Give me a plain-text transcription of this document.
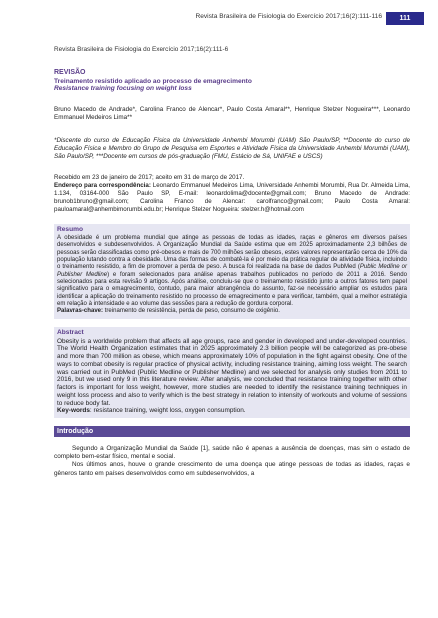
Revista Brasileira de Fisiologia do Exercício 2017;16(2):111-116	111
Revista Brasileira de Fisiologia do Exercício 2017;16(2):111-6
REVISÃO
Treinamento resistido aplicado ao processo de emagrecimento
Resistance training focusing on weight loss
Bruno Macedo de Andrade*, Carolina Franco de Alencar*, Paulo Costa Amaral**, Henrique Stelzer Nogueira***, Leonardo Emmanuel Medeiros Lima**
*Discente do curso de Educação Física da Universidade Anhembi Morumbi (UAM) São Paulo/SP, **Docente do curso de Educação Física e Membro do Grupo de Pesquisa em Esportes e Atividade Física da Universidade Anhembi Morumbi (UAM), São Paulo/SP, ***Docente em cursos de pós-graduação (FMU, Estácio de Sá, UNIFAE e USCS)
Recebido em 23 de janeiro de 2017; aceito em 31 de março de 2017.
Endereço para correspondência: Leonardo Emmanuel Medeiros Lima, Universidade Anhembi Morumbi, Rua Dr. Almeida Lima, 1.134, 03164-000 São Paulo SP, E-mail: leonardolima@docente@gmail.com; Bruno Macedo de Andrade: brunob1bruno@gmail.com; Carolina Franco de Alencar: carolfranco@gmail.com; Paulo Costa Amaral: pauloamaral@anhembimorumbi.edu.br; Henrique Stelzer Nogueira: stelzer.h@hotmail.com
Resumo
A obesidade é um problema mundial que atinge as pessoas de todas as idades, raças e gêneros em diversos países desenvolvidos e subdesenvolvidos. A Organização Mundial da Saúde estima que em 2025 aproximadamente 2,3 bilhões de pessoas serão classificadas como pré-obesos e mais de 700 milhões serão obesos, estes valores representarão cerca de 10% da população lutando contra a obesidade. Uma das formas de combatê-la é por meio da prática regular de atividade física, incluindo o treinamento resistido, a fim de promover a perda de peso. A busca foi realizada na base de dados PubMed (Public Medline or Publisher Medline) e foram selecionados para análise apenas trabalhos publicados no período de 2011 a 2016. Sendo selecionados para esta revisão 9 artigos. Após análise, concluiu-se que o treinamento resistido junto a outros fatores tem papel significativo para o emagrecimento, contudo, para maior abrangência do assunto, faz-se necessário ampliar os estudos para identificar a aplicação do treinamento resistido no processo de emagrecimento e para verificar, também, qual a melhor estratégia em relação à intensidade e ao volume das sessões para a redução de gordura corporal.
Palavras-chave: treinamento de resistência, perda de peso, consumo de oxigênio.
Abstract
Obesity is a worldwide problem that affects all age groups, race and gender in developed and under-developed countries. The World Health Organization estimates that in 2025 approximately 2.3 billion people will be categorized as pre-obese and more than 700 million as obese, which means approximately 10% of population in the fight against obesity. One of the ways to combat obesity is regular practice of physical activity, including resistance training, aiming loss weight. The search was carried out in PubMed (Public Medline or Publisher Medline) and we selected for analysis only studies from 2011 to 2016, but we used only 9 in this literature review. After analysis, we concluded that resistance training together with other factors is important for loss weight, however, more studies are needed to identify the resistance training techniques in weight loss process and also to verify which is the best strategy in relation to intensity of workouts and volume of sessions to reduce body fat.
Key-words: resistance training, weight loss, oxygen consumption.
Introdução

Segundo a Organização Mundial da Saúde [1], saúde não é apenas a ausência de doenças, mas sim o estado de completo bem-estar físico, mental e social.

Nos últimos anos, houve o grande crescimento de uma doença que atinge pessoas de todas as idades, raças e gêneros tanto em países desenvolvidos como em subdesenvolvidos, a
